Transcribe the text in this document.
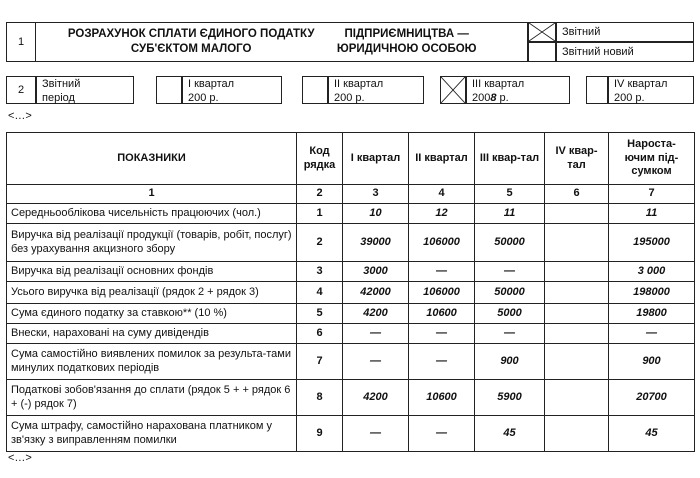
1
РОЗРАХУНОК СПЛАТИ ЄДИНОГО ПОДАТКУ СУБ'ЄКТОМ МАЛОГО
ПІДПРИЄМНИЦТВА — ЮРИДИЧНОЮ ОСОБОЮ
Звітний
Звітний новий
2	Звітний
період
I квартал
200 р.
II квартал
200 р.
III квартал
2008 р.
IV квартал
200 р.
<…>
ПОКАЗНИКИ	Код рядка	I квартал	II квартал	III квар-тал	IV квар-тал	Нароста-ючим під-сумком
1	2	3	4	5	6	7
Середньооблікова чисельність працюючих (чол.)	1	10	12	11		11
Виручка від реалізації продукції (товарів, робіт, послуг) без урахування акцизного збору	2	39000	106000	50000		195000
Виручка від реалізації основних фондів	3	3000	—	—		3 000
Усього виручка від реалізації (рядок 2 + рядок 3)	4	42000	106000	50000		198000
Сума єдиного податку за ставкою** (10 %)	5	4200	10600	5000		19800
Внески, нараховані на суму дивідендів	6	—	—	—		—
Сума самостійно виявлених помилок за результа-тами минулих податкових періодів	7	—	—	900		900
Податкові зобов'язання до сплати (рядок 5 + + рядок 6 + (-) рядок 7)	8	4200	10600	5900		20700
Сума штрафу, самостійно нарахована платником у зв'язку з виправленням помилки	9	—	—	45		45
<…>
